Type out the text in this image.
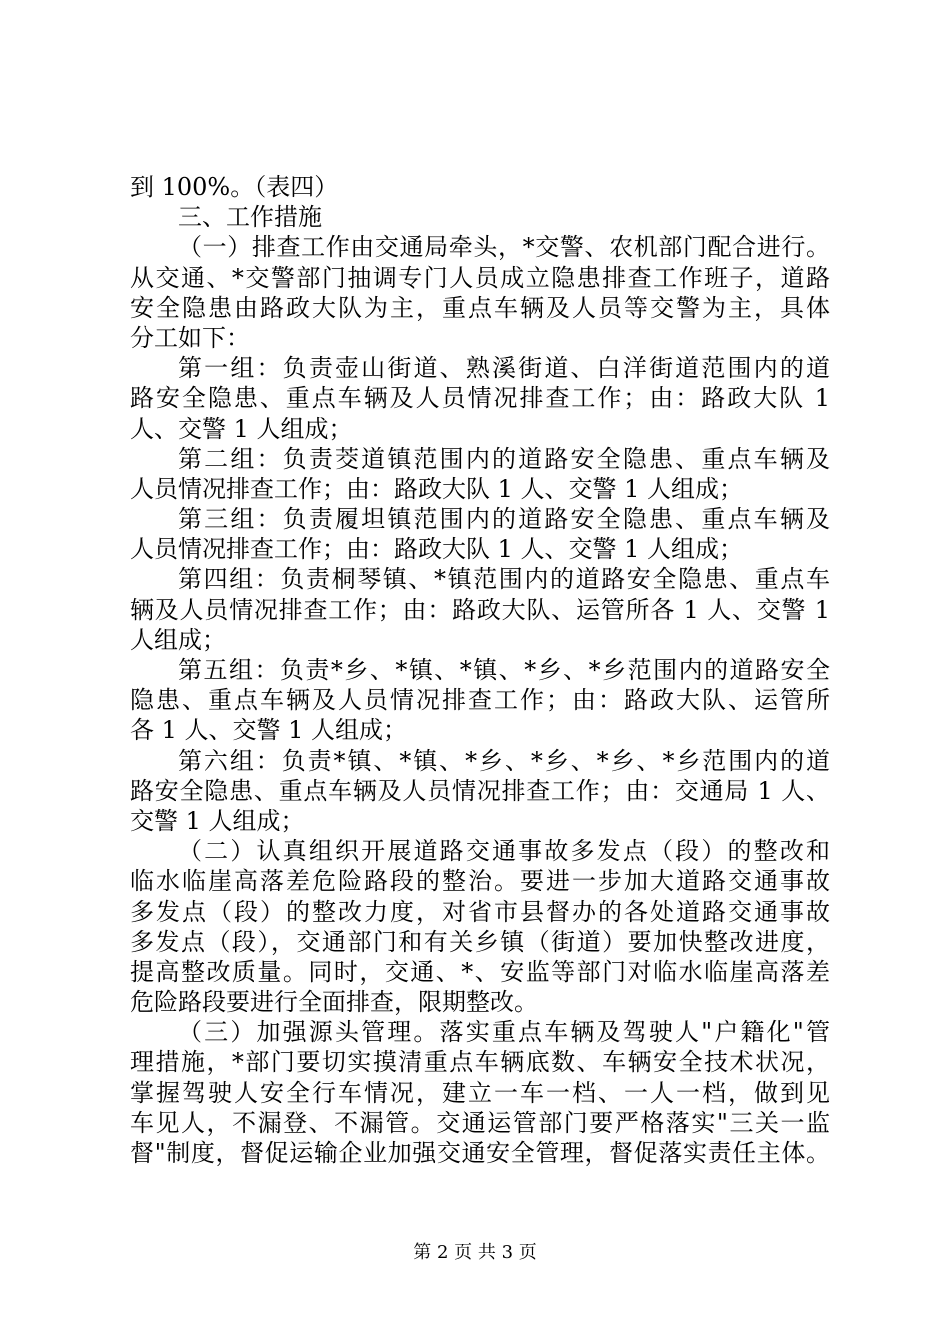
到 100%。（表四）
三、工作措施
（一）排查工作由交通局牵头，*交警、农机部门配合进行。
从交通、*交警部门抽调专门人员成立隐患排查工作班子，道路
安全隐患由路政大队为主，重点车辆及人员等交警为主，具体
分工如下：
第一组：负责壶山街道、熟溪街道、白洋街道范围内的道
路安全隐患、重点车辆及人员情况排查工作；由：路政大队 1
人、交警 1 人组成；
第二组：负责茭道镇范围内的道路安全隐患、重点车辆及
人员情况排查工作；由：路政大队 1 人、交警 1 人组成；
第三组：负责履坦镇范围内的道路安全隐患、重点车辆及
人员情况排查工作；由：路政大队 1 人、交警 1 人组成；
第四组：负责桐琴镇、*镇范围内的道路安全隐患、重点车
辆及人员情况排查工作；由：路政大队、运管所各 1 人、交警 1
人组成；
第五组：负责*乡、*镇、*镇、*乡、*乡范围内的道路安全
隐患、重点车辆及人员情况排查工作；由：路政大队、运管所
各 1 人、交警 1 人组成；
第六组：负责*镇、*镇、*乡、*乡、*乡、*乡范围内的道
路安全隐患、重点车辆及人员情况排查工作；由：交通局 1 人、
交警 1 人组成；
（二）认真组织开展道路交通事故多发点（段）的整改和
临水临崖高落差危险路段的整治。要进一步加大道路交通事故
多发点（段）的整改力度，对省市县督办的各处道路交通事故
多发点（段），交通部门和有关乡镇（街道）要加快整改进度，
提高整改质量。同时，交通、*、安监等部门对临水临崖高落差
危险路段要进行全面排查，限期整改。
（三）加强源头管理。落实重点车辆及驾驶人"户籍化"管
理措施，*部门要切实摸清重点车辆底数、车辆安全技术状况，
掌握驾驶人安全行车情况，建立一车一档、一人一档，做到见
车见人，不漏登、不漏管。交通运管部门要严格落实"三关一监
督"制度，督促运输企业加强交通安全管理，督促落实责任主体。
第 2 页 共 3 页
